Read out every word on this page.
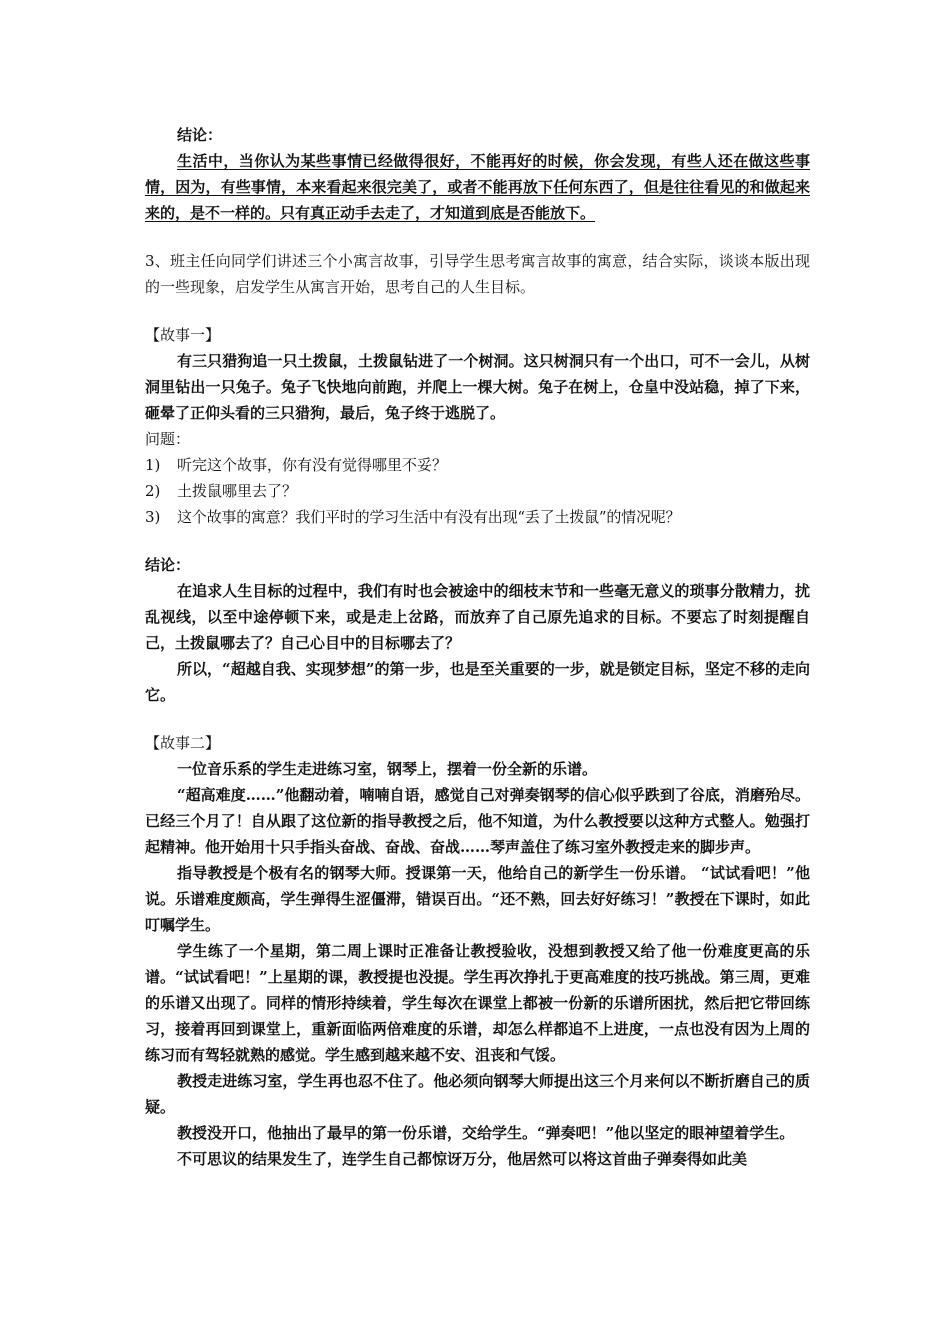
结论：

生活中，当你认为某些事情已经做得很好，不能再好的时候，你会发现，有些人还在做这些事情，因为，有些事情，本来看起来很完美了，或者不能再放下任何东西了，但是往往看见的和做起来来的，是不一样的。只有真正动手去走了，才知道到底是否能放下。

3、班主任向同学们讲述三个小寓言故事，引导学生思考寓言故事的寓意，结合实际，谈谈本版出现的一些现象，启发学生从寓言开始，思考自己的人生目标。

【故事一】

有三只猎狗追一只土拨鼠，土拨鼠钻进了一个树洞。这只树洞只有一个出口，可不一会儿，从树洞里钻出一只兔子。兔子飞快地向前跑，并爬上一棵大树。兔子在树上，仓皇中没站稳，掉了下来，砸晕了正仰头看的三只猎狗，最后，兔子终于逃脱了。

问题：

1)	听完这个故事，你有没有觉得哪里不妥？
2)	土拨鼠哪里去了？
3)	这个故事的寓意？我们平时的学习生活中有没有出现“丢了土拨鼠”的情况呢？

结论：

在追求人生目标的过程中，我们有时也会被途中的细枝末节和一些毫无意义的琐事分散精力，扰乱视线，以至中途停顿下来，或是走上岔路，而放弃了自己原先追求的目标。不要忘了时刻提醒自己，土拨鼠哪去了？自己心目中的目标哪去了？

所以，“超越自我、实现梦想”的第一步，也是至关重要的一步，就是锁定目标，坚定不移的走向它。

【故事二】

一位音乐系的学生走进练习室，钢琴上，摆着一份全新的乐谱。

“超高难度……”他翻动着，喃喃自语，感觉自己对弹奏钢琴的信心似乎跌到了谷底，消磨殆尽。已经三个月了！自从跟了这位新的指导教授之后，他不知道，为什么教授要以这种方式整人。勉强打起精神。他开始用十只手指头奋战、奋战、奋战……琴声盖住了练习室外教授走来的脚步声。

指导教授是个极有名的钢琴大师。授课第一天，他给自己的新学生一份乐谱。 “试试看吧！”他说。乐谱难度颇高，学生弹得生涩僵滞，错误百出。“还不熟，回去好好练习！”教授在下课时，如此叮嘱学生。

学生练了一个星期，第二周上课时正准备让教授验收，没想到教授又给了他一份难度更高的乐谱。“试试看吧！”上星期的课，教授提也没提。学生再次挣扎于更高难度的技巧挑战。第三周，更难的乐谱又出现了。同样的情形持续着，学生每次在课堂上都被一份新的乐谱所困扰，然后把它带回练习，接着再回到课堂上，重新面临两倍难度的乐谱，却怎么样都追不上进度，一点也没有因为上周的练习而有驾轻就熟的感觉。学生感到越来越不安、沮丧和气馁。

教授走进练习室，学生再也忍不住了。他必须向钢琴大师提出这三个月来何以不断折磨自己的质疑。

教授没开口，他抽出了最早的第一份乐谱，交给学生。“弹奏吧！”他以坚定的眼神望着学生。

不可思议的结果发生了，连学生自己都惊讶万分，他居然可以将这首曲子弹奏得如此美
